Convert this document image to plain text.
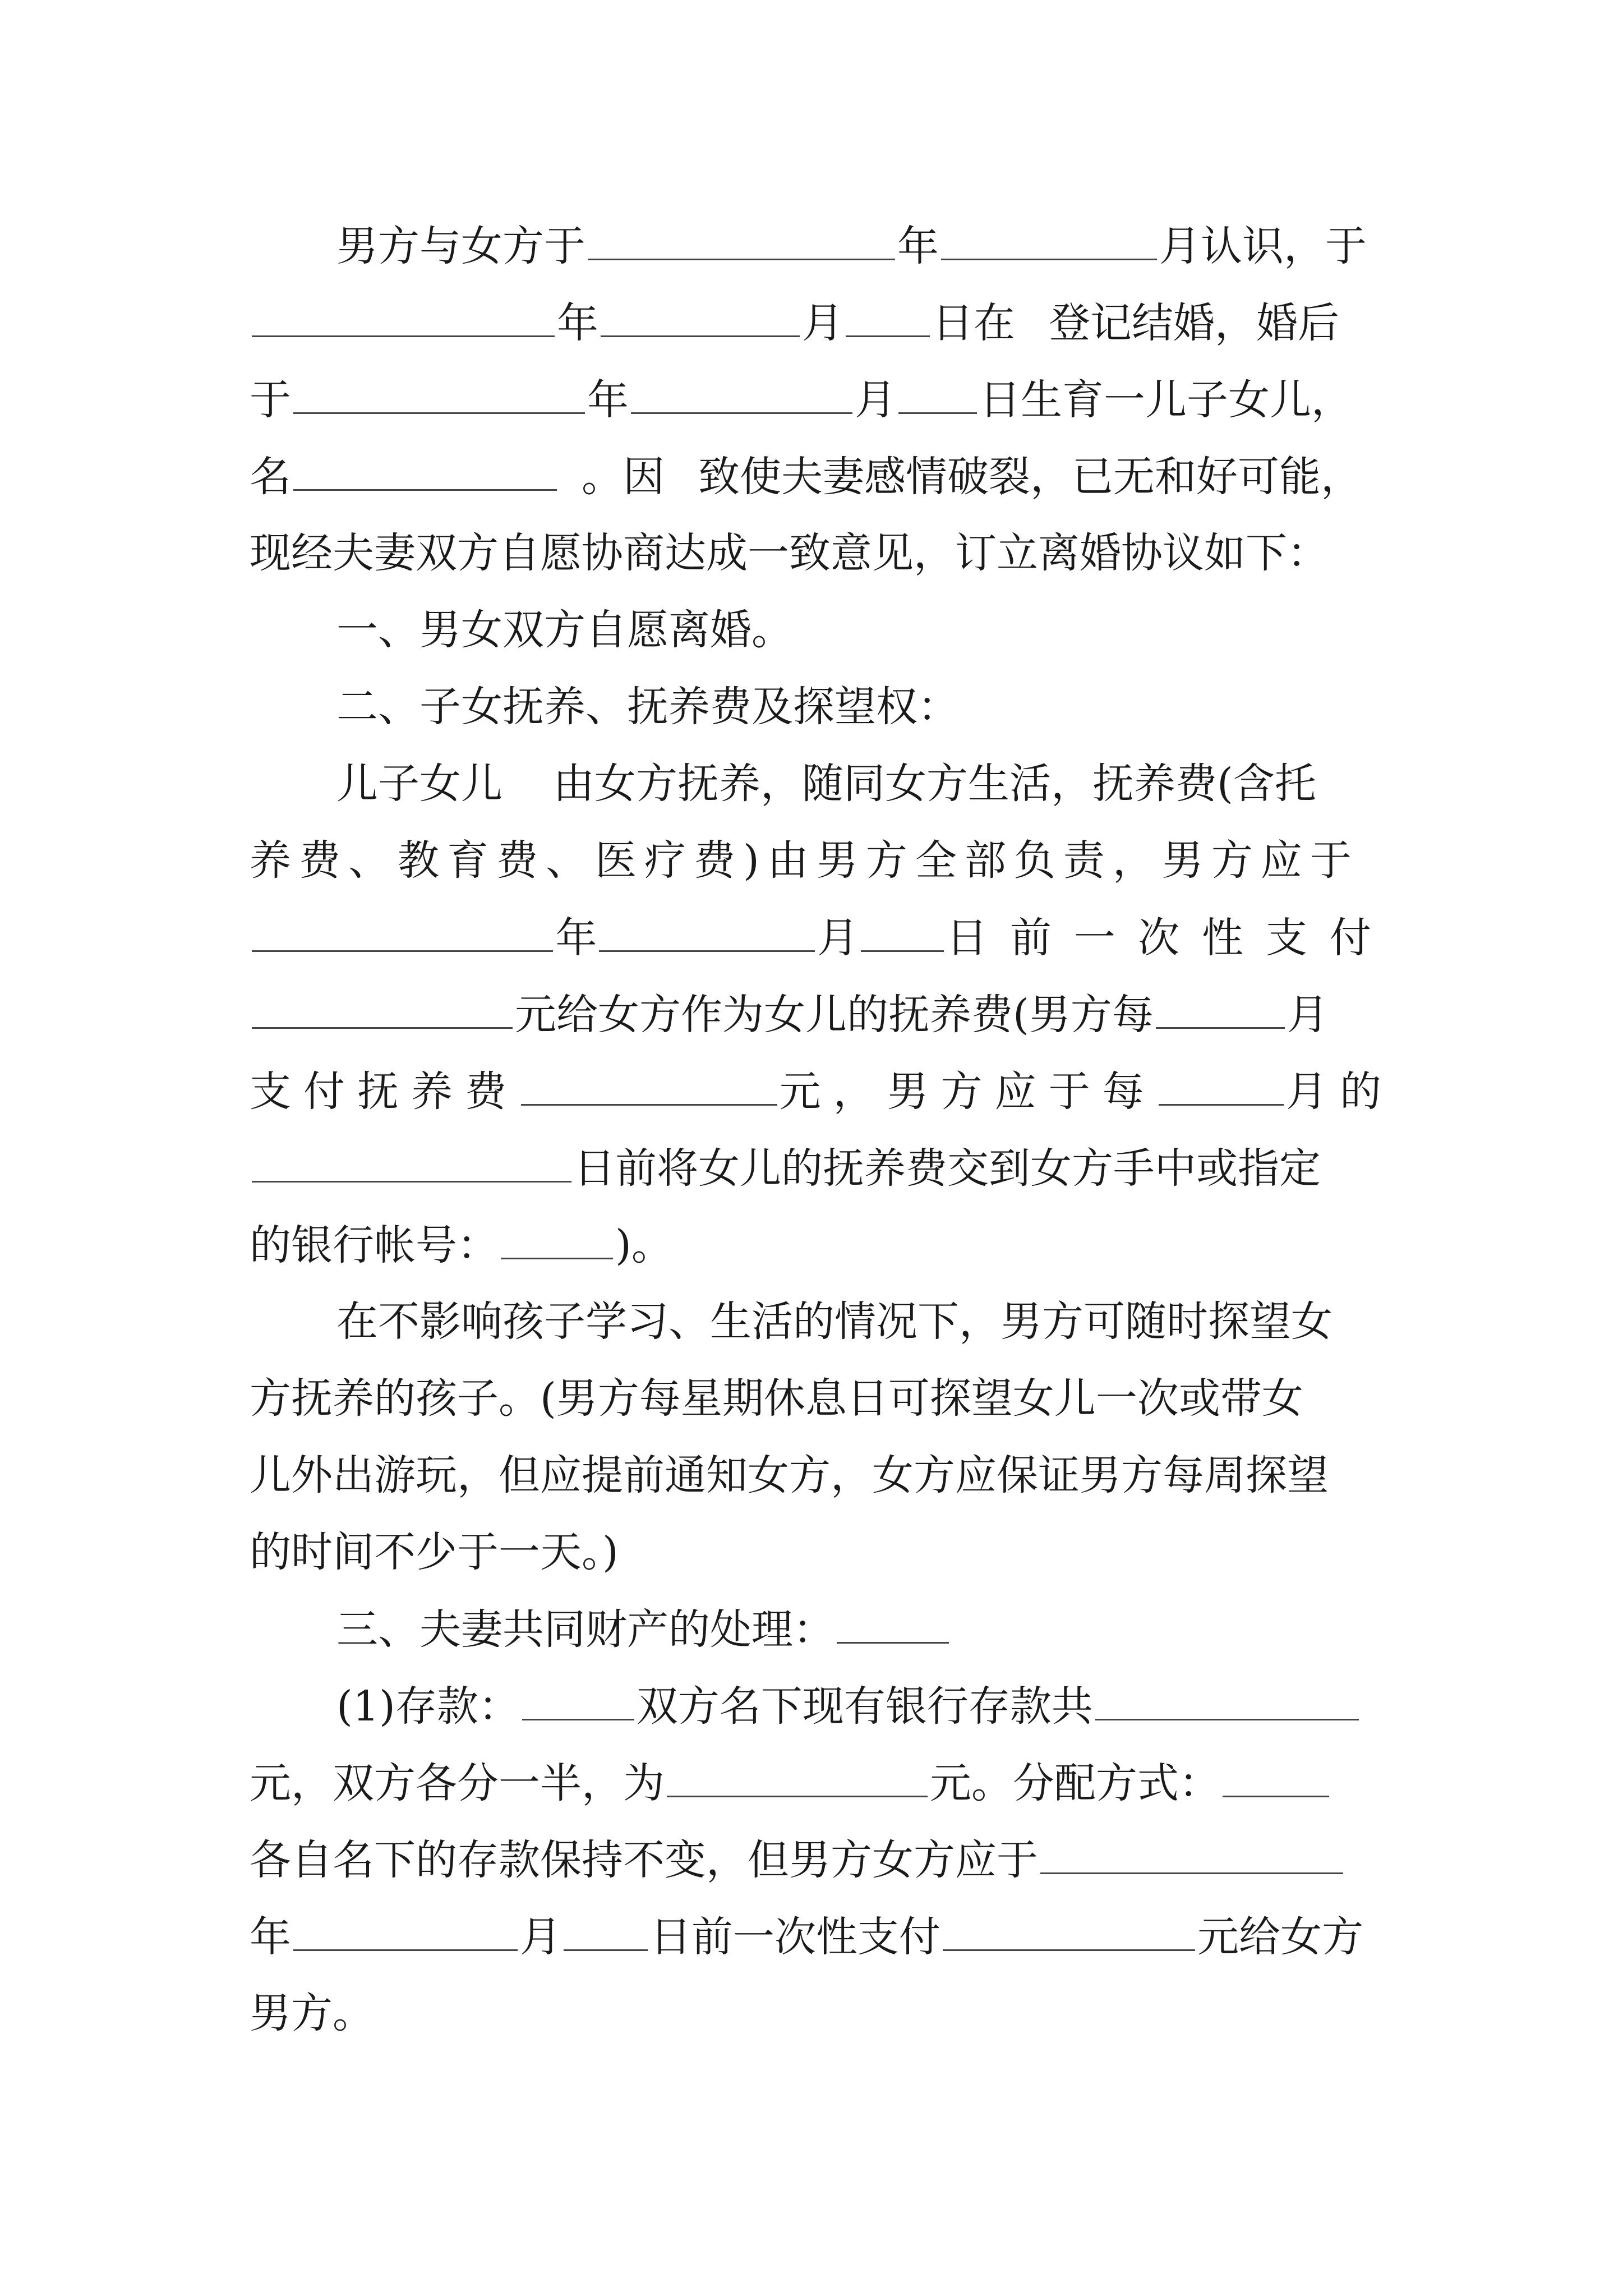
男方与女方于	年	月认识，于
年	月 日在 登记结婚，婚后
于	年	月 日生育一儿子女儿，
名	。因 致使夫妻感情破裂，已无和好可能，
现经夫妻双方自愿协商达成一致意见，订立离婚协议如下：
一、男女双方自愿离婚。
二、子女抚养、抚养费及探望权：
儿子女儿 由女方抚养，随同女方生活，抚养费(含托
养费、教育费、医疗费)由男方全部负责，男方应于
年	月 日前一次性支付
元给女方作为女儿的抚养费(男方每	月
支付抚养费	元，男方应于每	月的
日前将女儿的抚养费交到女方手中或指定
的银行帐号：	)。
在不影响孩子学习、生活的情况下，男方可随时探望女
方抚养的孩子。(男方每星期休息日可探望女儿一次或带女
儿外出游玩，但应提前通知女方，女方应保证男方每周探望
的时间不少于一天。)
三、夫妻共同财产的处理：
(1)存款：	双方名下现有银行存款共
元，双方各分一半，为	元。分配方式：
各自名下的存款保持不变，但男方女方应于
年	月 日前一次性支付	元给女方
男方。
